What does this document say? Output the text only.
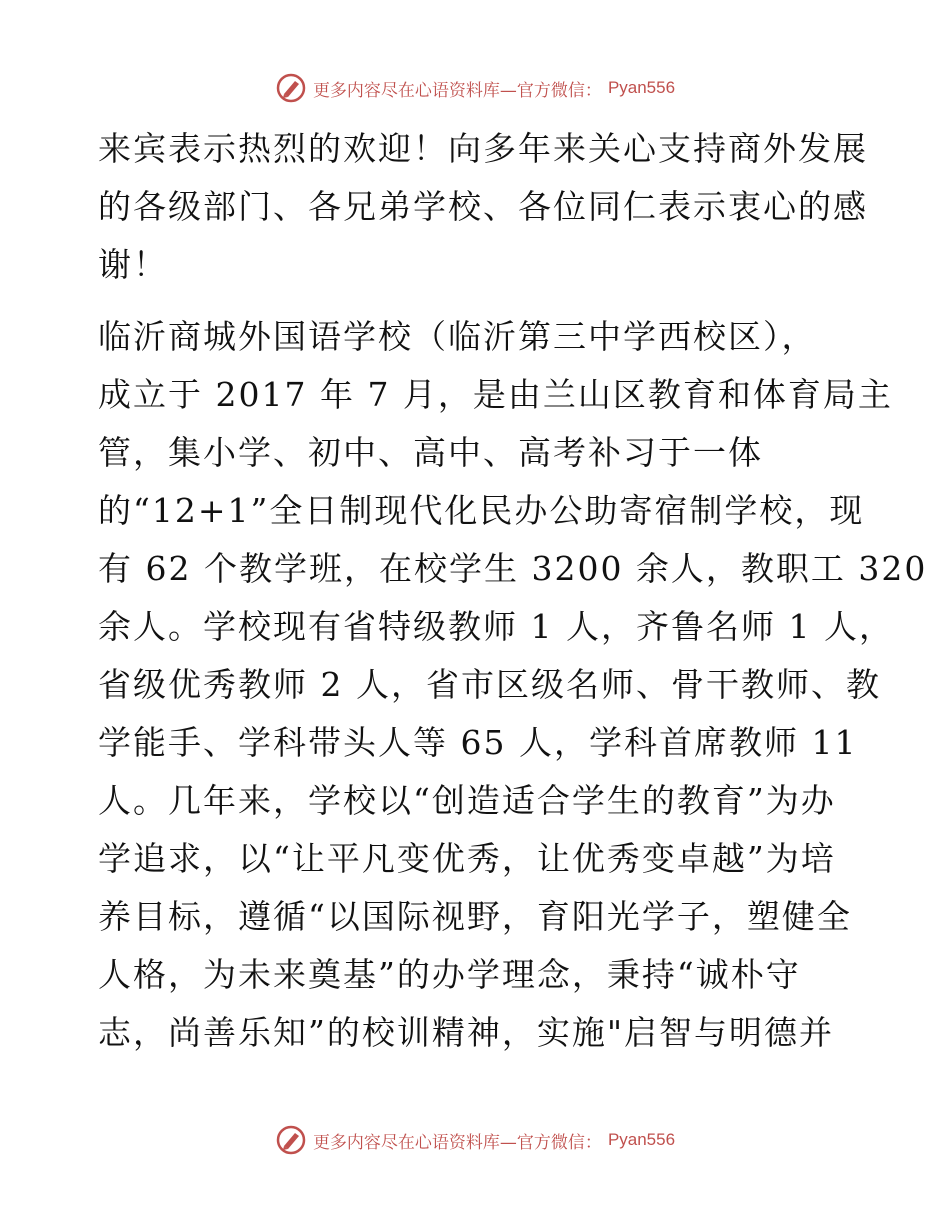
更多内容尽在心语资料库—官方微信： Pyan556

来宾表示热烈的欢迎！向多年来关心支持商外发展
的各级部门、各兄弟学校、各位同仁表示衷心的感
谢！

临沂商城外国语学校（临沂第三中学西校区），
成立于 2017 年 7 月，是由兰山区教育和体育局主
管，集小学、初中、高中、高考补习于一体
的“12+1”全日制现代化民办公助寄宿制学校，现
有 62 个教学班，在校学生 3200 余人，教职工 320
余人。学校现有省特级教师 1 人，齐鲁名师 1 人，
省级优秀教师 2 人，省市区级名师、骨干教师、教
学能手、学科带头人等 65 人，学科首席教师 11
人。几年来，学校以“创造适合学生的教育”为办
学追求，以“让平凡变优秀，让优秀变卓越”为培
养目标，遵循“以国际视野，育阳光学子，塑健全
人格，为未来奠基”的办学理念，秉持“诚朴守
志，尚善乐知”的校训精神，实施"启智与明德并

更多内容尽在心语资料库—官方微信： Pyan556
